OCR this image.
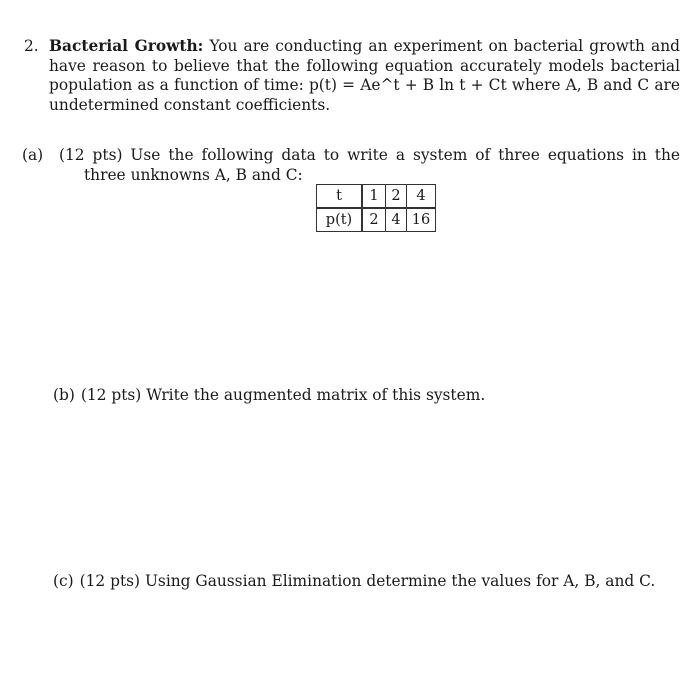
2. Bacterial Growth: You are conducting an experiment on bacterial growth and have reason to believe that the following equation accurately models bacterial population as a function of time: p(t) = Ae^t + B ln t + Ct where A, B and C are undetermined constant coefficients.
(a) (12 pts) Use the following data to write a system of three equations in the three unknowns A, B and C:
t	1	2	4
p(t)	2	4	16
(b) (12 pts) Write the augmented matrix of this system.
(c) (12 pts) Using Gaussian Elimination determine the values for A, B, and C.
